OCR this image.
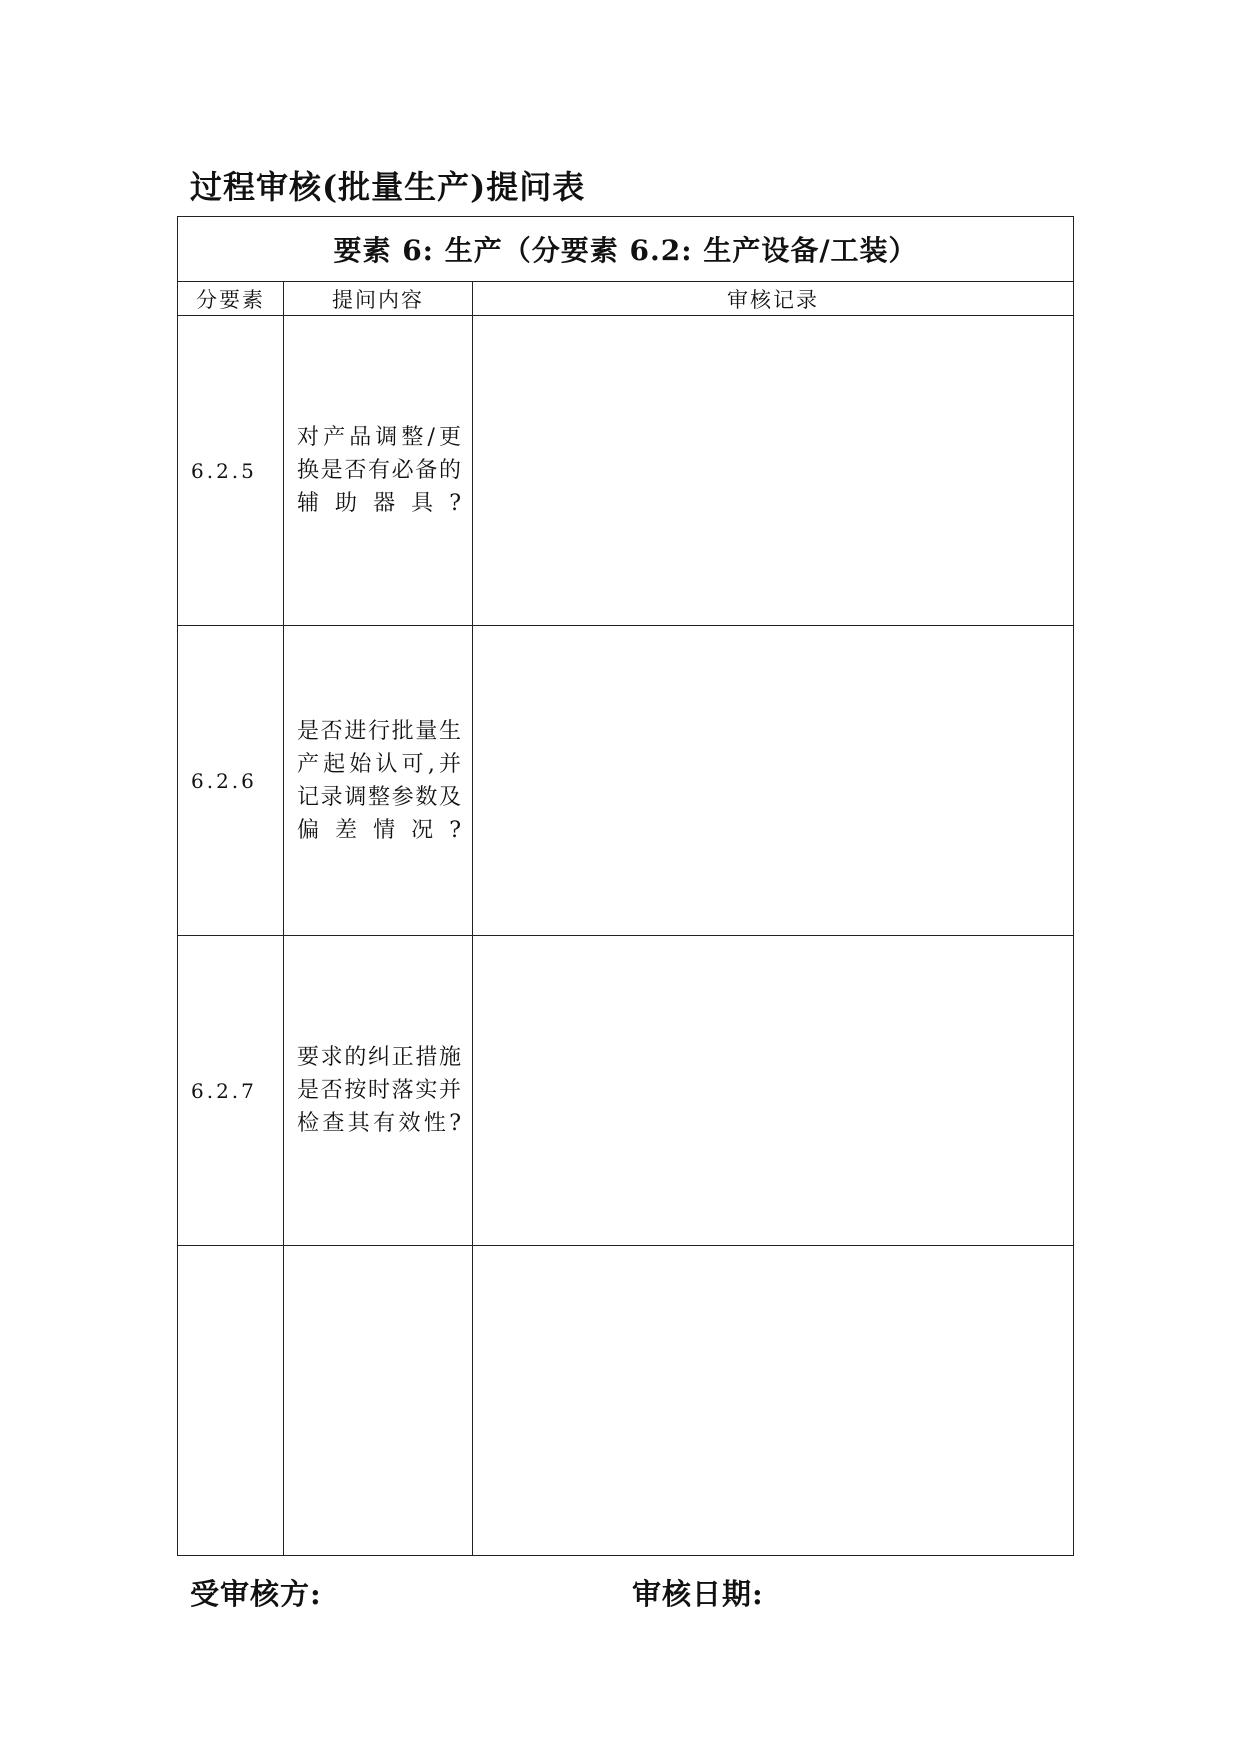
过程审核(批量生产)提问表
要素 6: 生产（分要素 6.2: 生产设备/工装）		
分要素	提问内容	审核记录
6.2.5	对产品调整/更换是否有必备的辅助器具?	
6.2.6	是否进行批量生产起始认可,并记录调整参数及偏差情况?	
6.2.7	要求的纠正措施是否按时落实并检查其有效性?	

受审核方:	审核日期:
